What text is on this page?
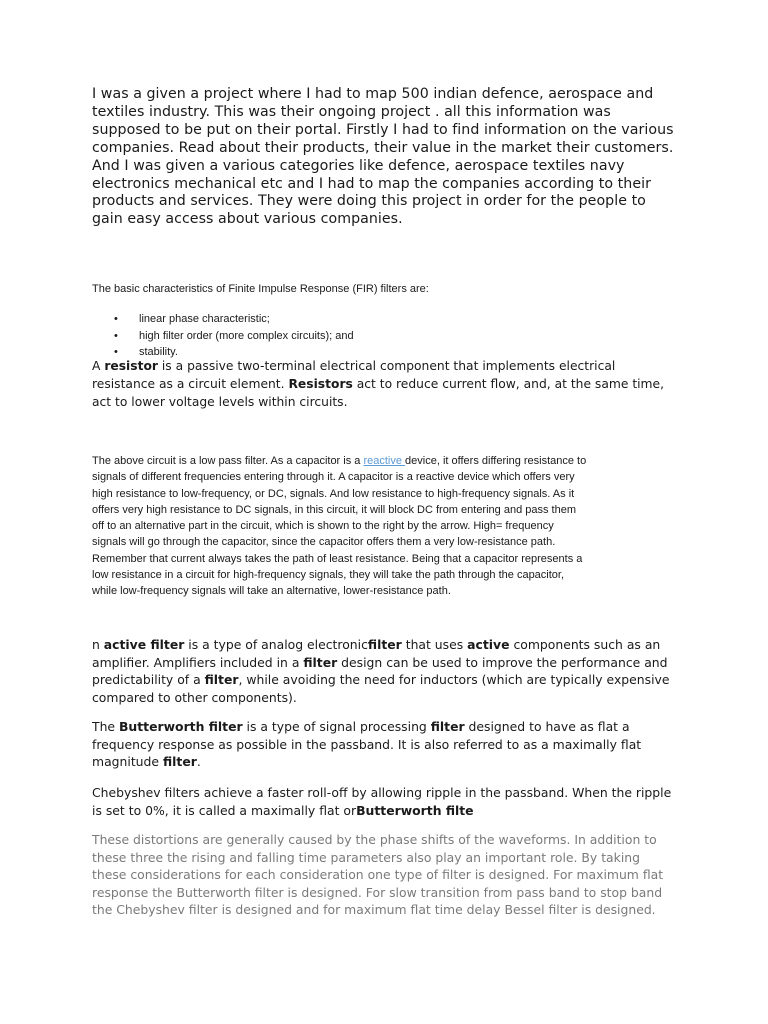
I was a given a project where I had to map 500 indian defence, aerospace and
textiles industry. This was their ongoing project . all this information was
supposed to be put on their portal. Firstly I had to find information on the various
companies. Read about their products, their value in the market their customers.
And I was given a various categories like defence, aerospace textiles navy
electronics mechanical etc and I had to map the companies according to their
products and services. They were doing this project in order for the people to
gain easy access about various companies.
The basic characteristics of Finite Impulse Response (FIR) filters are:
• linear phase characteristic;
• high filter order (more complex circuits); and
• stability.
A resistor is a passive two-terminal electrical component that implements electrical
resistance as a circuit element. Resistors act to reduce current flow, and, at the same time,
act to lower voltage levels within circuits.
The above circuit is a low pass filter. As a capacitor is a reactive device, it offers differing resistance to
signals of different frequencies entering through it. A capacitor is a reactive device which offers very
high resistance to low-frequency, or DC, signals. And low resistance to high-frequency signals. As it
offers very high resistance to DC signals, in this circuit, it will block DC from entering and pass them
off to an alternative part in the circuit, which is shown to the right by the arrow. High= frequency
signals will go through the capacitor, since the capacitor offers them a very low-resistance path.
Remember that current always takes the path of least resistance. Being that a capacitor represents a
low resistance in a circuit for high-frequency signals, they will take the path through the capacitor,
while low-frequency signals will take an alternative, lower-resistance path.
n active filter is a type of analog electronicfilter that uses active components such as an
amplifier. Amplifiers included in a filter design can be used to improve the performance and
predictability of a filter, while avoiding the need for inductors (which are typically expensive
compared to other components).
The Butterworth filter is a type of signal processing filter designed to have as flat a
frequency response as possible in the passband. It is also referred to as a maximally flat
magnitude filter.
Chebyshev filters achieve a faster roll-off by allowing ripple in the passband. When the ripple
is set to 0%, it is called a maximally flat orButterworth filte
These distortions are generally caused by the phase shifts of the waveforms. In addition to
these three the rising and falling time parameters also play an important role. By taking
these considerations for each consideration one type of filter is designed. For maximum flat
response the Butterworth filter is designed. For slow transition from pass band to stop band
the Chebyshev filter is designed and for maximum flat time delay Bessel filter is designed.
